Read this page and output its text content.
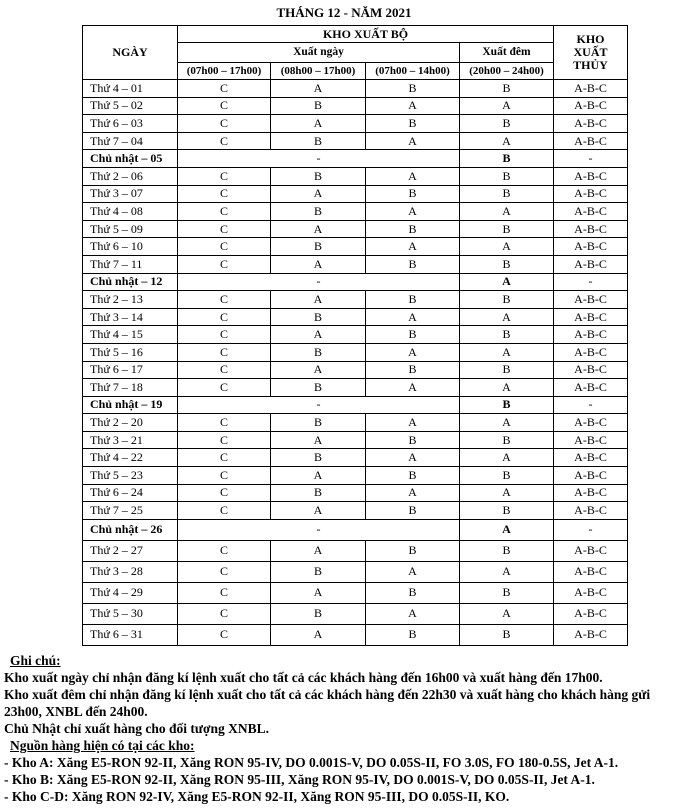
THÁNG 12 - NĂM 2021
NGÀY	KHO XUẤT BỘ				KHO
XUẤT
THỦY

	Xuất ngày			Xuất đêm	
	(07h00 – 17h00)	(08h00 – 17h00)	(07h00 – 14h00)	(20h00 – 24h00)	
Thứ 4 – 01	C	A	B	B	A-B-C
Thứ 5 – 02	C	B	A	A	A-B-C
Thứ 6 – 03	C	A	B	B	A-B-C
Thứ 7 – 04	C	B	A	A	A-B-C
Chủ nhật – 05	-			B	-
Thứ 2 – 06	C	B	A	B	A-B-C
Thứ 3 – 07	C	A	B	B	A-B-C
Thứ 4 – 08	C	B	A	A	A-B-C
Thứ 5 – 09	C	A	B	B	A-B-C
Thứ 6 – 10	C	B	A	A	A-B-C
Thứ 7 – 11	C	A	B	B	A-B-C
Chủ nhật – 12	-			A	-
Thứ 2 – 13	C	A	B	B	A-B-C
Thứ 3 – 14	C	B	A	A	A-B-C
Thứ 4 – 15	C	A	B	B	A-B-C
Thứ 5 – 16	C	B	A	A	A-B-C
Thứ 6 – 17	C	A	B	B	A-B-C
Thứ 7 – 18	C	B	A	A	A-B-C
Chủ nhật – 19	-			B	-
Thứ 2 – 20	C	B	A	A	A-B-C
Thứ 3 – 21	C	A	B	B	A-B-C
Thứ 4 – 22	C	B	A	A	A-B-C
Thứ 5 – 23	C	A	B	B	A-B-C
Thứ 6 – 24	C	B	A	A	A-B-C
Thứ 7 – 25	C	A	B	B	A-B-C
Chủ nhật – 26	-			A	-
Thứ 2 – 27	C	A	B	B	A-B-C
Thứ 3 – 28	C	B	A	A	A-B-C
Thứ 4 – 29	C	A	B	B	A-B-C
Thứ 5 – 30	C	B	A	A	A-B-C
Thứ 6 – 31	C	A	B	B	A-B-C
Ghi chú:
Kho xuất ngày chỉ nhận đăng kí lệnh xuất cho tất cả các khách hàng đến 16h00 và xuất hàng đến 17h00.
Kho xuất đêm chỉ nhận đăng kí lệnh xuất cho tất cả các khách hàng đến 22h30 và xuất hàng cho khách hàng gửi 23h00, XNBL đến 24h00.
Chủ Nhật chỉ xuất hàng cho đối tượng XNBL.
Nguồn hàng hiện có tại các kho:
- Kho A: Xăng E5-RON 92-II, Xăng RON 95-IV, DO 0.001S-V, DO 0.05S-II, FO 3.0S, FO 180-0.5S, Jet A-1.
- Kho B: Xăng E5-RON 92-II, Xăng RON 95-III, Xăng RON 95-IV, DO 0.001S-V, DO 0.05S-II, Jet A-1.
- Kho C-D: Xăng RON 92-IV, Xăng E5-RON 92-II, Xăng RON 95-III, DO 0.05S-II, KO.
